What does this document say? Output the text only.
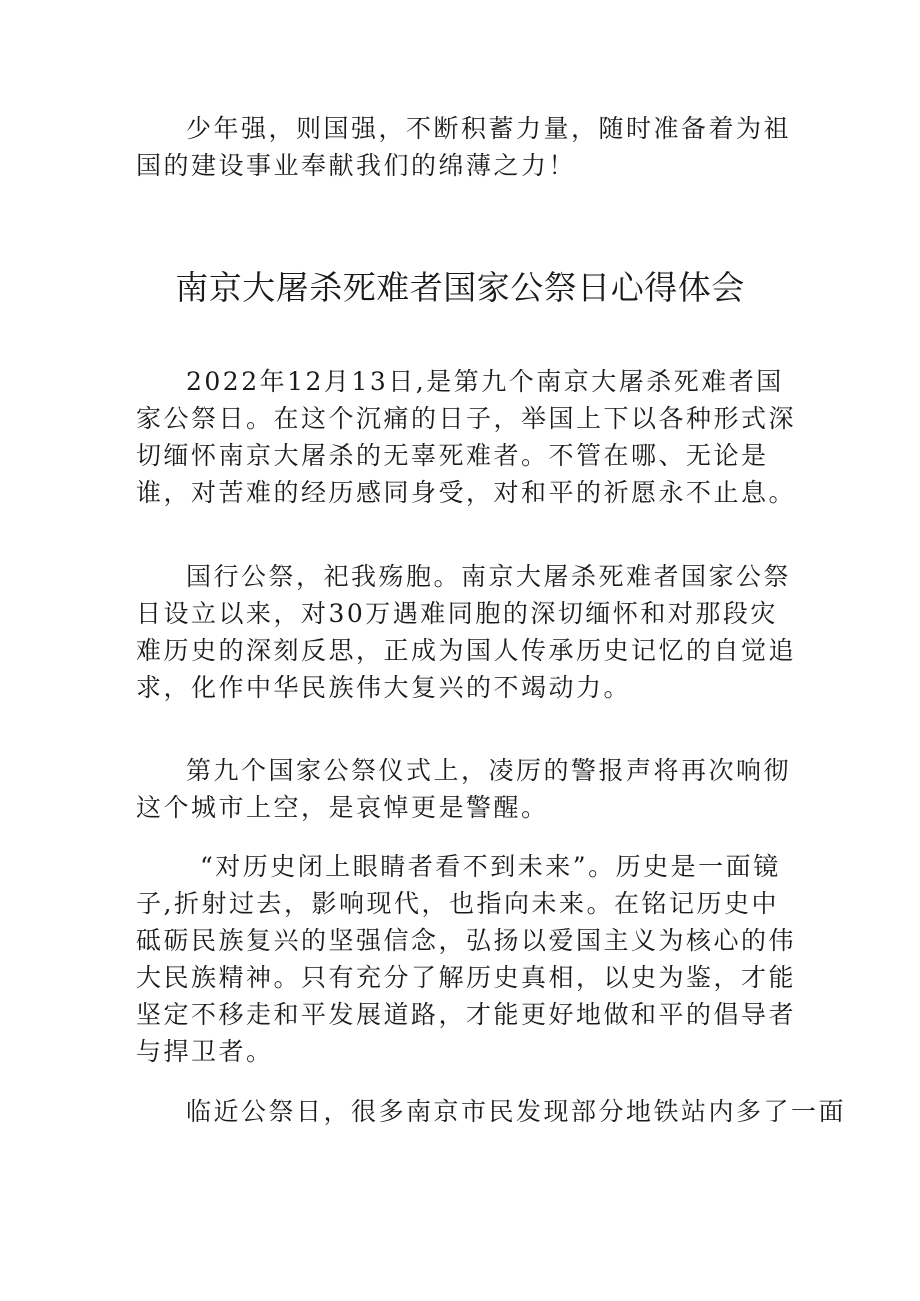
少年强，则国强，不断积蓄力量，随时准备着为祖国的建设事业奉献我们的绵薄之力！

南京大屠杀死难者国家公祭日心得体会

2022年12月13日,是第九个南京大屠杀死难者国家公祭日。在这个沉痛的日子，举国上下以各种形式深切缅怀南京大屠杀的无辜死难者。不管在哪、无论是谁，对苦难的经历感同身受，对和平的祈愿永不止息。

国行公祭，祀我殇胞。南京大屠杀死难者国家公祭日设立以来，对30万遇难同胞的深切缅怀和对那段灾难历史的深刻反思，正成为国人传承历史记忆的自觉追求，化作中华民族伟大复兴的不竭动力。

第九个国家公祭仪式上，凌厉的警报声将再次响彻这个城市上空，是哀悼更是警醒。

“对历史闭上眼睛者看不到未来”。历史是一面镜子,折射过去，影响现代，也指向未来。在铭记历史中砥砺民族复兴的坚强信念，弘扬以爱国主义为核心的伟大民族精神。只有充分了解历史真相，以史为鉴，才能坚定不移走和平发展道路，才能更好地做和平的倡导者与捍卫者。

临近公祭日，很多南京市民发现部分地铁站内多了一面
